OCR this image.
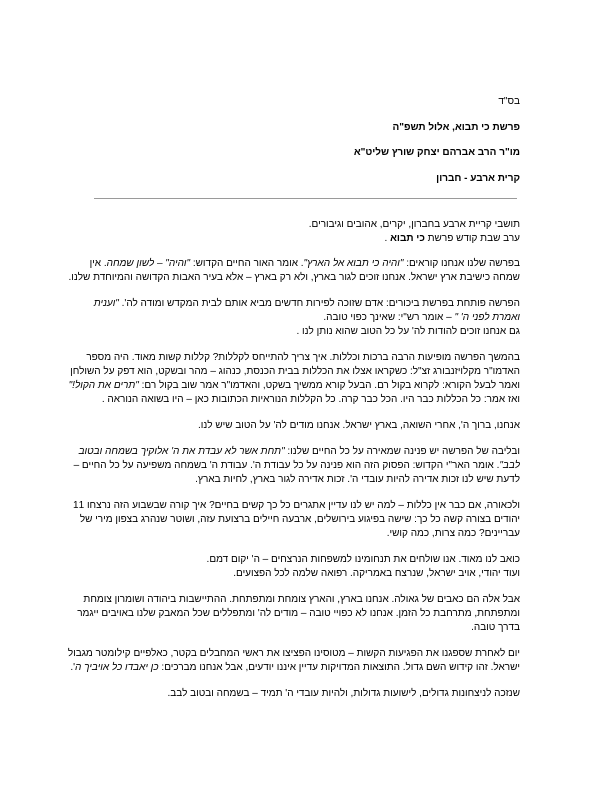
בס"ד
פרשת כי תבוא, אלול תשפ"ה
מו"ר הרב אברהם יצחק שורץ שליט"א
קרית ארבע - חברון
תושבי קריית ארבע בחברון, יקרים, אהובים וגיבורים.
ערב שבת קודש פרשת כי תבוא .
בפרשה שלנו אנחנו קוראים: "והיה כי תבוא אל הארץ". אומר האור החיים הקדוש: "והיה" – לשון שמחה. אין
שמחה כישיבת ארץ ישראל. אנחנו זוכים לגור בארץ, ולא רק בארץ – אלא בעיר האבות הקדושה והמיוחדת שלנו.
הפרשה פותחת בפרשת ביכורים: אדם שזוכה לפירות חדשים מביא אותם לבית המקדש ומודה לה'. "וענית
ואמרת לפני ה' " – אומר רש"י: שאינך כפוי טובה.
גם אנחנו זוכים להודות לה' על כל הטוב שהוא נותן לנו .
בהמשך הפרשה מופיעות הרבה ברכות וכללות. איך צריך להתייחס לקללות? קללות קשות מאוד. היה מספר
האדמו"ר מקלויזנבורג זצ"ל: כשקראו אצלו את הכללות בבית הכנסת, כנהוג – מהר ובשקט, הוא דפק על השולחן
ואמר לבעל הקורא: לקרוא בקול רם. הבעל קורא ממשיך בשקט, והאדמו"ר אמר שוב בקול רם: "תרים את הקול!"
ואז אמר: כל הכללות כבר היו. הכל כבר קרה. כל הקללות הנוראיות הכתובות כאן – היו בשואה הנוראה .
אנחנו, ברוך ה', אחרי השואה, בארץ ישראל. אנחנו מודים לה' על הטוב שיש לנו.
ובליבה של הפרשה יש פנינה שמאירה על כל החיים שלנו: "תחת אשר לא עבדת את ה' אלוקיך בשמחה ובטוב
לבב". אומר האר"י הקדוש: הפסוק הזה הוא פנינה על כל עבודת ה'. עבודת ה' בשמחה משפיעה על כל החיים –
לדעת שיש לנו זכות אדירה להיות עובדי ה'. זכות אדירה לגור בארץ, לחיות בארץ.
ולכאורה, אם כבר אין כללות – למה יש לנו עדיין אתגרים כל כך קשים בחיים? איך קורה שבשבוע הזה נרצחו 11
יהודים בצורה קשה כל כך: שישה בפיגוע בירושלים, ארבעה חיילים ברצועת עזה, ושוטר שנהרג בצפון מירי של
עבריינים? כמה צרות, כמה קושי.
כואב לנו מאוד. אנו שולחים את תנחומינו למשפחות הנרצחים – ה' יקום דמם.
ועוד יהודי, אויב ישראל, שנרצח באמריקה. רפואה שלמה לכל הפצועים.
אבל אלה הם כאבים של גאולה. אנחנו בארץ, והארץ צומחת ומתפתחת. ההתיישבות ביהודה ושומרון צומחת
ומתפתחת, מתרחבת כל הזמן. אנחנו לא כפויי טובה – מודים לה' ומתפללים שכל המאבק שלנו באויבים ייגמר
בדרך טובה.
יום לאחרת שספגנו את הפגיעות הקשות – מטוסינו הפציצו את ראשי המחבלים בקטר, כאלפיים קילומטר מגבול
ישראל. זהו קידוש השם גדול. התוצאות המדויקות עדיין איננו יודעים, אבל אנחנו מברכים: כן יאבדו כל אויביך ה'.
שנזכה לניצחונות גדולים, לישועות גדולות, ולהיות עובדי ה' תמיד – בשמחה ובטוב לבב.
